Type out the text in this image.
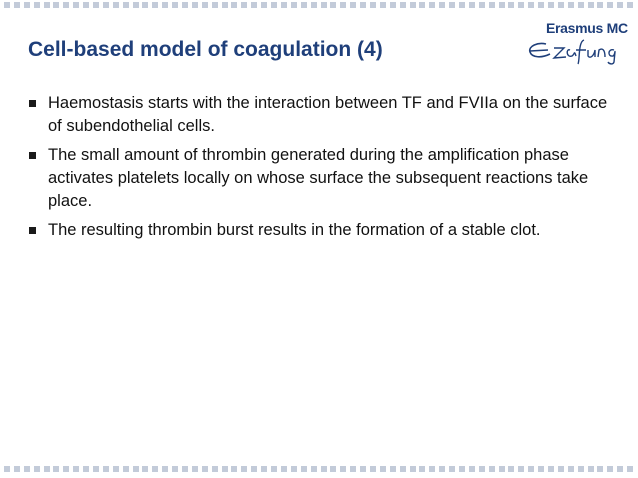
Cell-based model of coagulation (4)
Erasmus MC
Haemostasis starts with the interaction between TF and FVIIa on the surface of subendothelial cells.
The small amount of thrombin generated during the amplification phase activates platelets locally on whose surface the subsequent reactions take place.
The resulting thrombin burst results in the formation of a stable clot.
